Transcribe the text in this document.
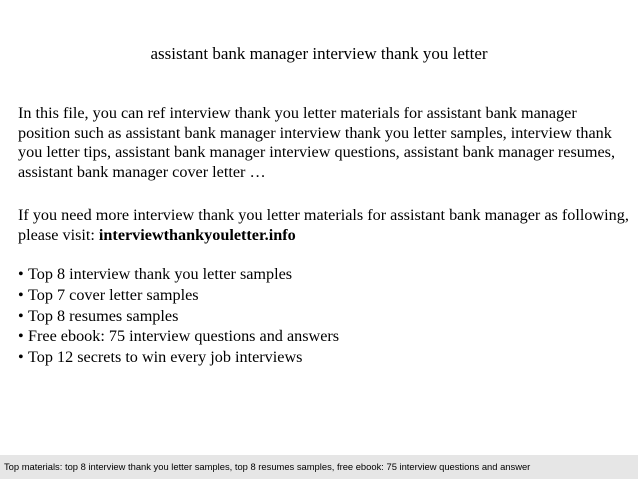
assistant bank manager interview thank you letter
In this file, you can ref interview thank you letter materials for assistant bank manager position such as assistant bank manager interview thank you letter samples, interview thank you letter tips, assistant bank manager interview questions, assistant bank manager resumes, assistant bank manager cover letter …
If you need more interview thank you letter materials for assistant bank manager as following, please visit: interviewthankyouletter.info
• Top 8 interview thank you letter samples
• Top 7 cover letter samples
• Top 8 resumes samples
• Free ebook: 75 interview questions and answers
• Top 12 secrets to win every job interviews
Top materials: top 8 interview thank you letter samples, top 8 resumes samples, free ebook: 75 interview questions and answer
